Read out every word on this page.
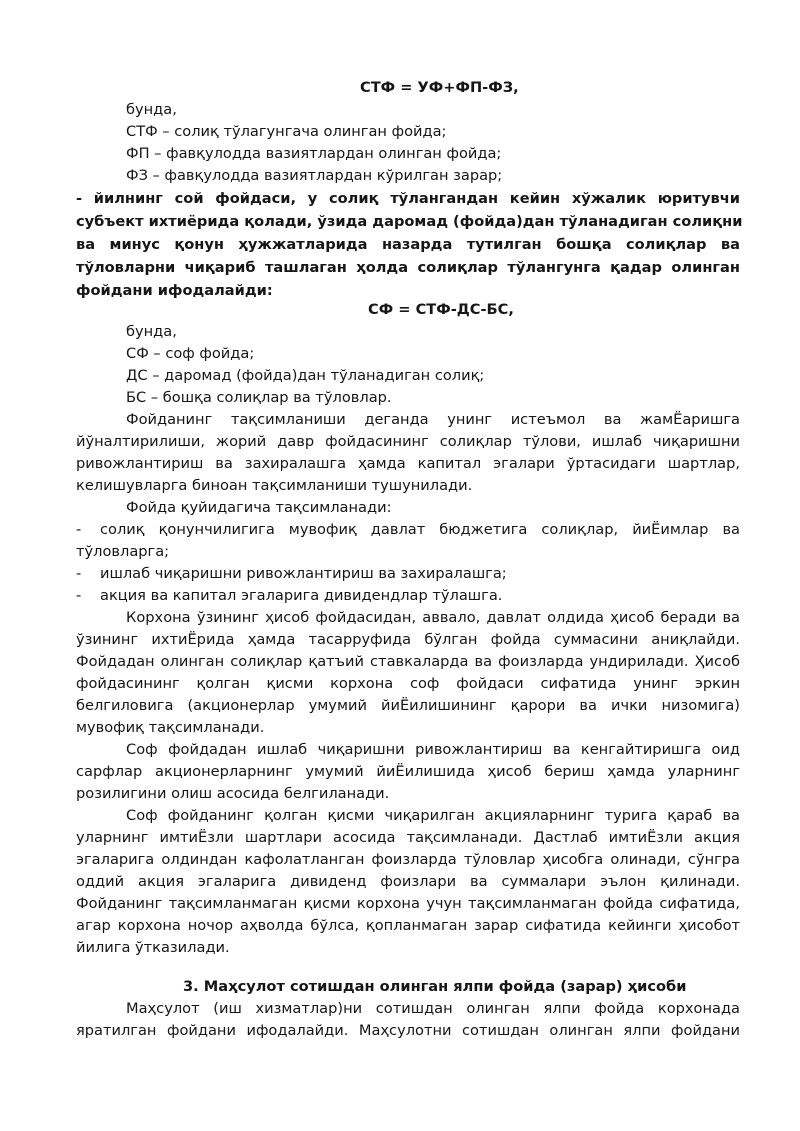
СТФ = УФ+ФП-ФЗ,
бунда,
СТФ – солиқ тўлагунгача олинган фойда;
ФП – фавқулодда вазиятлардан олинган фойда;
ФЗ – фавқулодда вазиятлардан кўрилган зарар;
- йилнинг сой фойдаси, у солиқ тўлангандан кейин хўжалик юритувчи
субъект ихтиёрида қолади, ўзида даромад (фойда)дан тўланадиган солиқни
ва минус қонун ҳужжатларида назарда тутилган бошқа солиқлар ва
тўловларни чиқариб ташлаган ҳолда солиқлар тўлангунга қадар олинган
фойдани ифодалайди:
СФ = СТФ-ДС-БС,
бунда,
СФ – соф фойда;
ДС – даромад (фойда)дан тўланадиган солиқ;
БС – бошқа солиқлар ва тўловлар.
Фойданинг тақсимланиши деганда унинг истеъмол ва жамЁаришга
йўналтирилиши, жорий давр фойдасининг солиқлар тўлови, ишлаб чиқаришни
ривожлантириш ва захиралашга ҳамда капитал эгалари ўртасидаги шартлар,
келишувларга биноан тақсимланиши тушунилади.
Фойда қуйидагича тақсимланади:
- солиқ қонунчилигига мувофиқ давлат бюджетига солиқлар, йиЁимлар ва
тўловларга;
- ишлаб чиқаришни ривожлантириш ва захиралашга;
- акция ва капитал эгаларига дивидендлар тўлашга.
Корхона ўзининг ҳисоб фойдасидан, аввало, давлат олдида ҳисоб беради ва
ўзининг ихтиЁрида ҳамда тасарруфида бўлган фойда суммасини аниқлайди.
Фойдадан олинган солиқлар қатъий ставкаларда ва фоизларда ундирилади. Ҳисоб
фойдасининг қолган қисми корхона соф фойдаси сифатида унинг эркин
белгиловига (акционерлар умумий йиЁилишининг қарори ва ички низомига)
мувофиқ тақсимланади.
Соф фойдадан ишлаб чиқаришни ривожлантириш ва кенгайтиришга оид
сарфлар акционерларнинг умумий йиЁилишида ҳисоб бериш ҳамда уларнинг
розилигини олиш асосида белгиланади.
Соф фойданинг қолган қисми чиқарилган акцияларнинг турига қараб ва
уларнинг имтиЁзли шартлари асосида тақсимланади. Дастлаб имтиЁзли акция
эгаларига олдиндан кафолатланган фоизларда тўловлар ҳисобга олинади, сўнгра
оддий акция эгаларига дивиденд фоизлари ва суммалари эълон қилинади.
Фойданинг тақсимланмаган қисми корхона учун тақсимланмаган фойда сифатида,
агар корхона ночор аҳволда бўлса, қопланмаган зарар сифатида кейинги ҳисобот
йилига ўтказилади.
3. Маҳсулот сотишдан олинган ялпи фойда (зарар) ҳисоби
Маҳсулот (иш хизматлар)ни сотишдан олинган ялпи фойда корхонада
яратилган фойдани ифодалайди. Маҳсулотни сотишдан олинган ялпи фойдани
